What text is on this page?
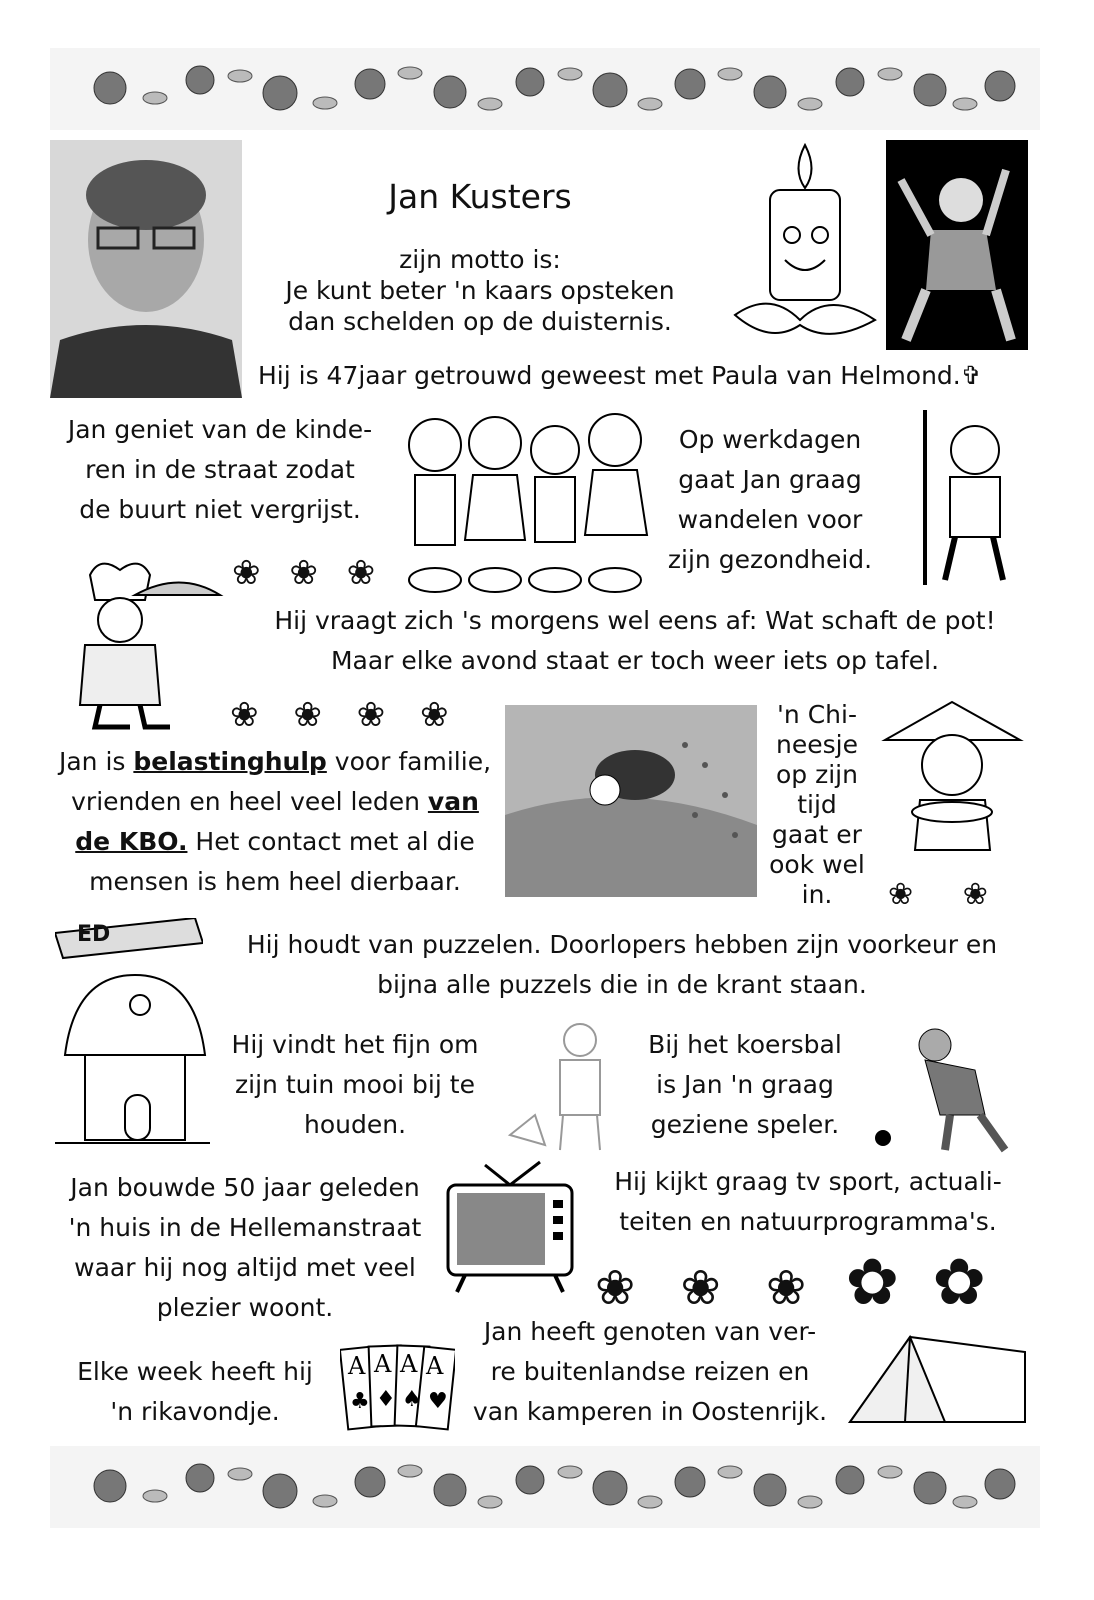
Jan Kusters
zijn motto is:
Je kunt beter 'n kaars opsteken
dan schelden op de duisternis.
Hij is 47jaar getrouwd geweest met Paula van Helmond.✞
Jan geniet van de kinde-
ren in de straat zodat
de buurt niet vergrijst.
Op werkdagen
gaat Jan graag
wandelen voor
zijn gezondheid.
❀ ❀ ❀
Hij vraagt zich 's morgens wel eens af: Wat schaft de pot!
Maar elke avond staat er toch weer iets op tafel.
❀ ❀ ❀ ❀
Jan is belastinghulp voor familie,
vrienden en heel veel leden van
de KBO. Het contact met al die
mensen is hem heel dierbaar.
'n Chi-
neesje
op zijn
tijd
gaat er
ook wel
in.	❀ ❀
ED	Hij houdt van puzzelen. Doorlopers hebben zijn voorkeur en
bijna alle puzzels die in de krant staan.
Hij vindt het fijn om
zijn tuin mooi bij te
houden.
Bij het koersbal
is Jan 'n graag
geziene speler.
Jan bouwde 50 jaar geleden
'n huis in de Hellemanstraat
waar hij nog altijd met veel
plezier woont.
Hij kijkt graag tv sport, actuali-
teiten en natuurprogramma's.
❀ ❀ ❀ ✿ ✿
Elke week heeft hij
'n rikavondje.
A A A A
♣ ♦ ♠ ♥
Jan heeft genoten van ver-
re buitenlandse reizen en
van kamperen in Oostenrijk.
